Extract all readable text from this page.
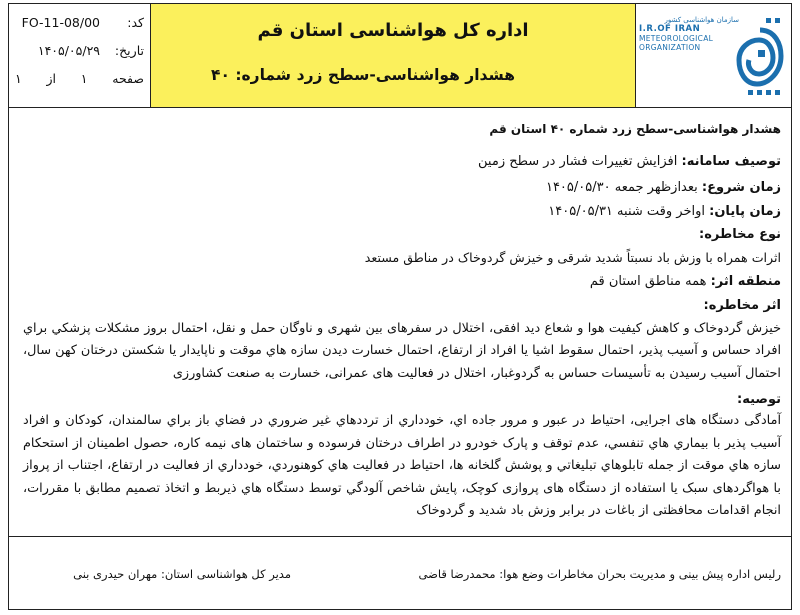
کد:
FO-11-08/00
تاریخ:
۱۴۰۵/۰۵/۲۹
صفحه
۱
از
۱
اداره کل هواشناسی استان قم
هشدار هواشناسی-سطح زرد
شماره: ۴۰
سازمان هواشناسی کشور
I.R.OF IRAN
METEOROLOGICAL
ORGANIZATION
هشدار هواشناسی-سطح زرد شماره ۴۰ استان قم
توصیف سامانه: افزایش تغییرات فشار در سطح زمین
زمان شروع: بعدازظهر جمعه ۱۴۰۵/۰۵/۳۰
زمان پایان: اواخر وقت شنبه ۱۴۰۵/۰۵/۳۱
نوع مخاطره:
اثرات همراه با وزش باد نسبتاً شدید شرقی و خیزش گردوخاک در مناطق مستعد
منطقه اثر: همه مناطق استان قم
اثر مخاطره:
خیزش گردوخاک و کاهش کیفیت هوا و شعاع دید افقی، اختلال در سفرهای بین شهری و ناوگان حمل و نقل، احتمال بروز مشکلات پزشکي براي افراد حساس و آسیب پذیر، احتمال سقوط اشیا یا افراد از ارتفاع، احتمال خسارت دیدن سازه هاي موقت و ناپایدار یا شکستن درختان کهن سال، احتمال آسیب رسیدن به تأسیسات حساس به گردوغبار، اختلال در فعالیت های عمرانی، خسارت به صنعت کشاورزی
توصیه:
آمادگی دستگاه های اجرایی، احتیاط در عبور و مرور جاده اي، خودداري از ترددهاي غیر ضروري در فضاي باز براي سالمندان، کودکان و افراد آسیب پذیر با بیماري هاي تنفسي، عدم توقف و پارک خودرو در اطراف درختان فرسوده و ساختمان های نیمه کاره، حصول اطمینان از استحکام سازه هاي موقت از جمله تابلوهاي تبلیغاتي و پوشش گلخانه ها، احتیاط در فعالیت هاي کوهنوردي، خودداري از فعالیت در ارتفاع، اجتناب از پرواز با هواگردهای سبک یا استفاده از دستگاه های پروازی کوچک، پایش شاخص آلودگي توسط دستگاه هاي ذیربط و اتخاذ تصمیم مطابق با مقررات، انجام اقدامات محافظتی از باغات در برابر وزش باد شدید و گردوخاک
رلیس اداره پیش بینی و مدیریت بحران مخاطرات وضع هوا: محمدرضا قاضی
مدیر کل هواشناسی استان: مهران حیدری بنی
